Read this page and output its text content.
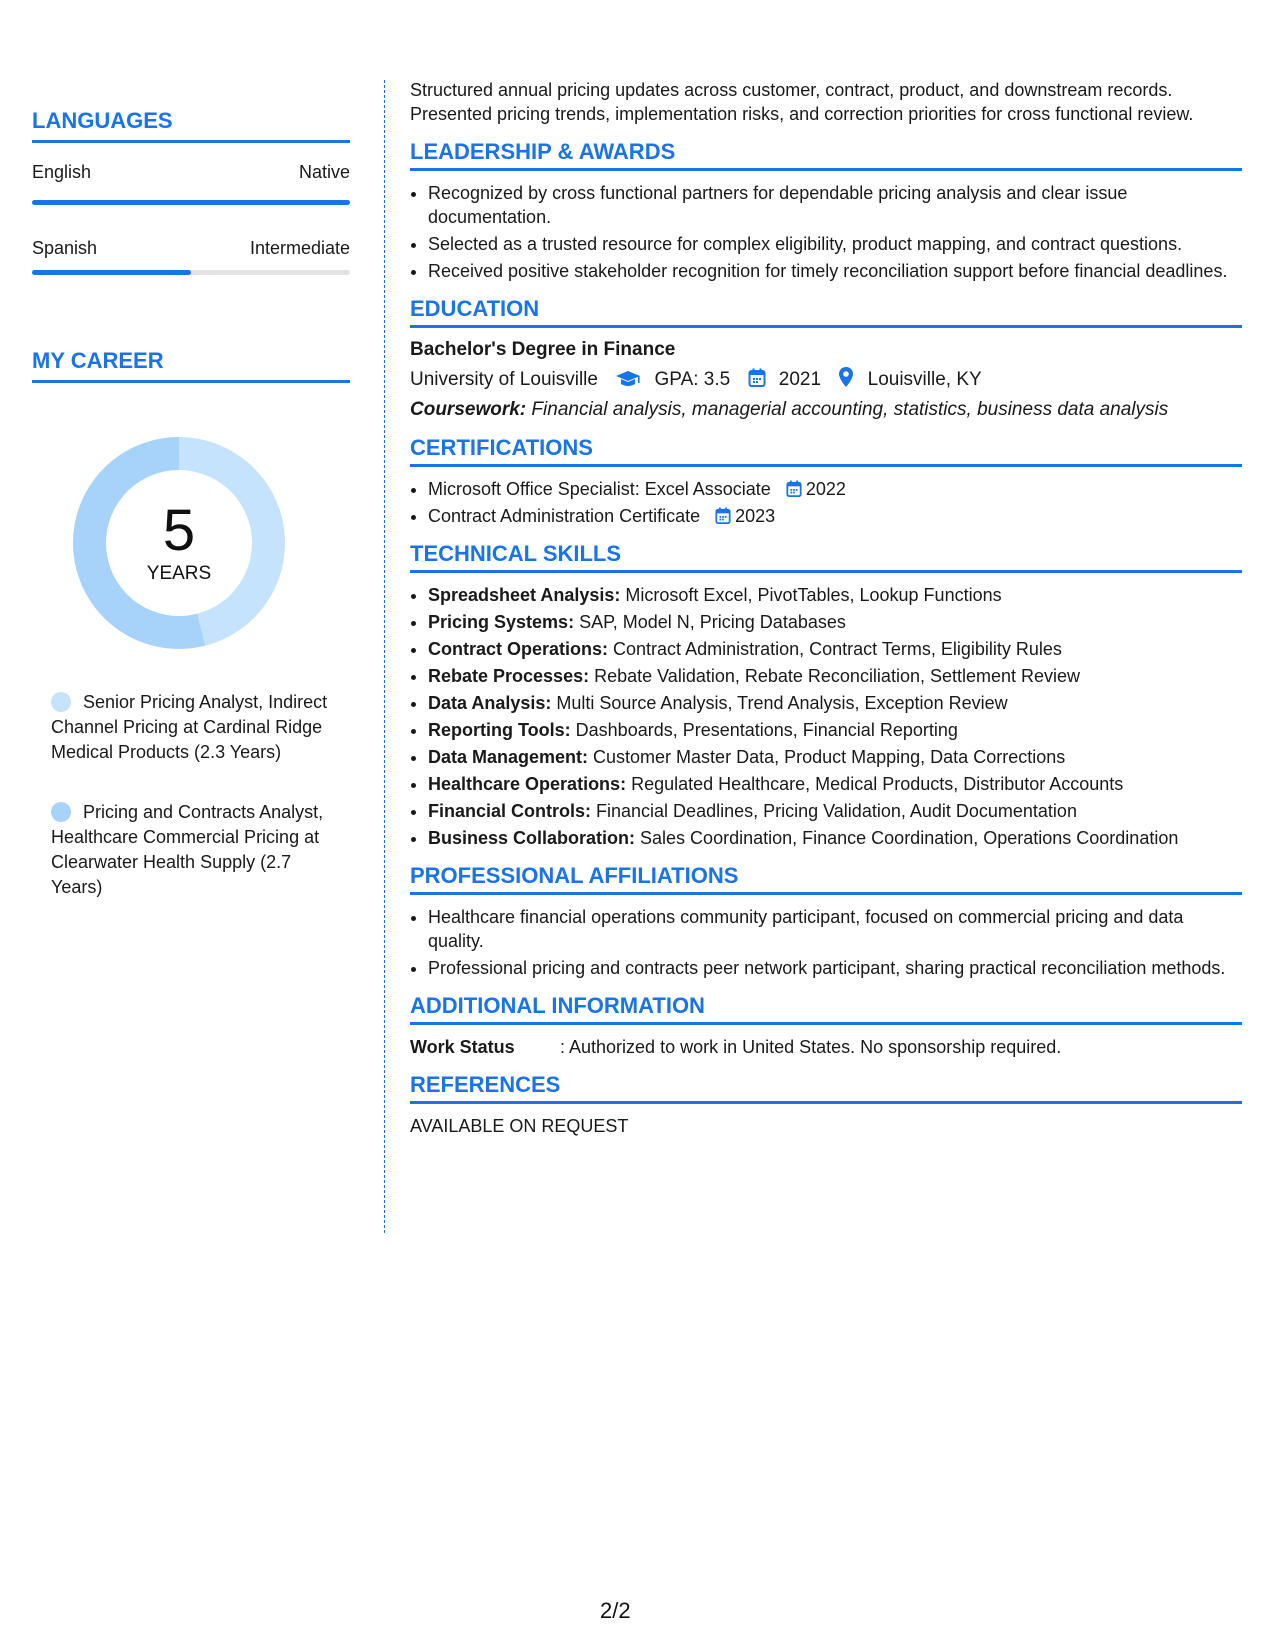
LANGUAGES
English	Native
Spanish	Intermediate
MY CAREER
5
YEARS
Senior Pricing Analyst, Indirect Channel Pricing at Cardinal Ridge Medical Products (2.3 Years)
Pricing and Contracts Analyst, Healthcare Commercial Pricing at Clearwater Health Supply (2.7 Years)

Structured annual pricing updates across customer, contract, product, and downstream records.
Presented pricing trends, implementation risks, and correction priorities for cross functional review.

LEADERSHIP & AWARDS
• Recognized by cross functional partners for dependable pricing analysis and clear issue documentation.
• Selected as a trusted resource for complex eligibility, product mapping, and contract questions.
• Received positive stakeholder recognition for timely reconciliation support before financial deadlines.
EDUCATION
Bachelor's Degree in Finance
University of Louisville	GPA: 3.5	2021 Louisville, KY
Coursework: Financial analysis, managerial accounting, statistics, business data analysis
CERTIFICATIONS
• Microsoft Office Specialist: Excel Associate 2022
• Contract Administration Certificate 2023
TECHNICAL SKILLS
• Spreadsheet Analysis: Microsoft Excel, PivotTables, Lookup Functions
• Pricing Systems: SAP, Model N, Pricing Databases
• Contract Operations: Contract Administration, Contract Terms, Eligibility Rules
• Rebate Processes: Rebate Validation, Rebate Reconciliation, Settlement Review
• Data Analysis: Multi Source Analysis, Trend Analysis, Exception Review
• Reporting Tools: Dashboards, Presentations, Financial Reporting
• Data Management: Customer Master Data, Product Mapping, Data Corrections
• Healthcare Operations: Regulated Healthcare, Medical Products, Distributor Accounts
• Financial Controls: Financial Deadlines, Pricing Validation, Audit Documentation
• Business Collaboration: Sales Coordination, Finance Coordination, Operations Coordination
PROFESSIONAL AFFILIATIONS
• Healthcare financial operations community participant, focused on commercial pricing and data quality.
• Professional pricing and contracts peer network participant, sharing practical reconciliation methods.
ADDITIONAL INFORMATION
Work Status	: Authorized to work in United States. No sponsorship required.
REFERENCES
AVAILABLE ON REQUEST
2/2
